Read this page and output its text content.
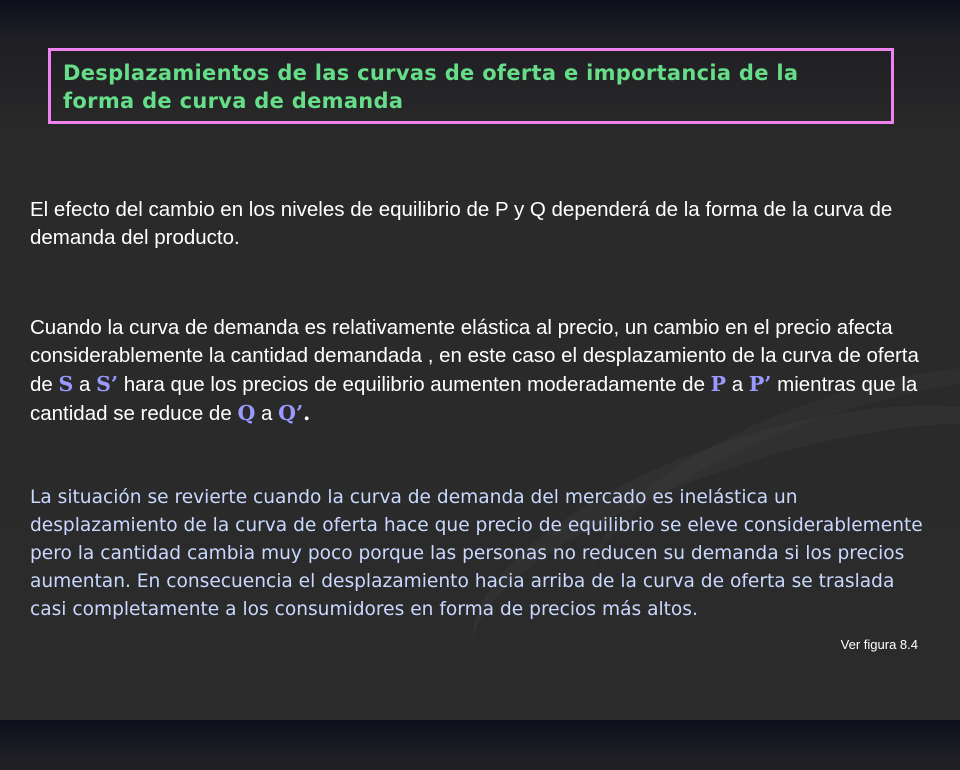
Desplazamientos de las curvas de oferta e importancia de la
forma de curva de demanda
El efecto del cambio en los niveles de equilibrio de P y Q dependerá de la forma de la curva de demanda del producto.
Cuando la curva de demanda es relativamente elástica al precio, un cambio en el precio afecta considerablemente la cantidad demandada , en este caso el desplazamiento de la curva de oferta de S a S’ hara que los precios de equilibrio aumenten moderadamente de P a P’ mientras que la cantidad se reduce de Q a Q’.
La situación se revierte cuando la curva de demanda del mercado es inelástica un desplazamiento de la curva de oferta hace que precio de equilibrio se eleve considerablemente pero la cantidad cambia muy poco porque las personas no reducen su demanda si los precios aumentan. En consecuencia el desplazamiento hacia arriba de la curva de oferta se traslada casi completamente a los consumidores en forma de precios más altos.
Ver figura 8.4
